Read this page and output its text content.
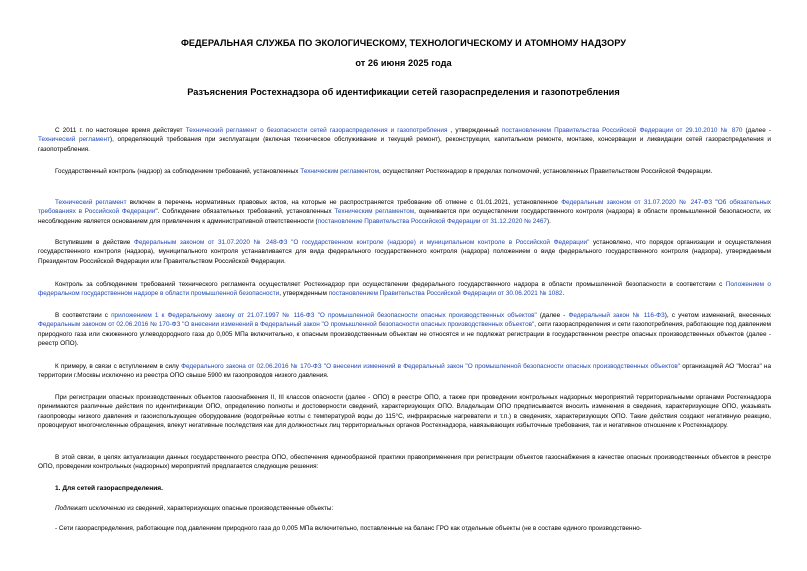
ФЕДЕРАЛЬНАЯ СЛУЖБА ПО ЭКОЛОГИЧЕСКОМУ, ТЕХНОЛОГИЧЕСКОМУ И АТОМНОМУ НАДЗОРУ
от 26 июня 2025 года
Разъяснения Ростехнадзора об идентификации сетей газораспределения и газопотребления

С 2011 г. по настоящее время действует Технический регламент о безопасности сетей газораспределения и газопотребления , утвержденный постановлением Правительства Российской Федерации от 29.10.2010 № 870 (далее - Технический регламент), определяющий требования при эксплуатации (включая техническое обслуживание и текущий ремонт), реконструкции, капитальном ремонте, монтаже, консервации и ликвидации сетей газораспределения и газопотребления.

Государственный контроль (надзор) за соблюдением требований, установленных Техническим регламентом, осуществляет Ростехнадзор в пределах полномочий, установленных Правительством Российской Федерации.

Технический регламент включен в перечень нормативных правовых актов, на которые не распространяется требование об отмене с 01.01.2021, установленное Федеральным законом от 31.07.2020 № 247-ФЗ "Об обязательных требованиях в Российской Федерации". Соблюдение обязательных требований, установленных Техническим регламентом, оценивается при осуществлении государственного контроля (надзора) в области промышленной безопасности, их несоблюдение является основанием для привлечения к административной ответственности (постановление Правительства Российской Федерации от 31.12.2020 № 2467).

Вступившим в действие Федеральным законом от 31.07.2020 № 248-ФЗ "О государственном контроле (надзоре) и муниципальном контроле в Российской Федерации" установлено, что порядок организации и осуществления государственного контроля (надзора), муниципального контроля устанавливается для вида федерального государственного контроля (надзора) положением о виде федерального государственного контроля (надзора), утверждаемым Президентом Российской Федерации или Правительством Российской Федерации.

Контроль за соблюдением требований технического регламента осуществляет Ростехнадзор при осуществлении федерального государственного надзора в области промышленной безопасности в соответствии с Положением о федеральном государственном надзоре в области промышленной безопасности, утвержденным постановлением Правительства Российской Федерации от 30.06.2021 № 1082.

В соответствии с приложением 1 к Федеральному закону от 21.07.1997 № 116-ФЗ "О промышленной безопасности опасных производственных объектов" (далее - Федеральный закон № 116-ФЗ), с учетом изменений, внесенных Федеральным законом от 02.06.2016 № 170-ФЗ "О внесении изменений в Федеральный закон "О промышленной безопасности опасных производственных объектов", сети газораспределения и сети газопотребления, работающие под давлением природного газа или сжиженного углеводородного газа до 0,005 МПа включительно, к опасным производственным объектам не относятся и не подлежат регистрации в государственном реестре опасных производственных объектов (далее - реестр ОПО).

К примеру, в связи с вступлением в силу Федерального закона от 02.06.2016 № 170-ФЗ "О внесении изменений в Федеральный закон "О промышленной безопасности опасных производственных объектов" организацией АО "Мосгаз" на территории г.Москвы исключено из реестра ОПО свыше 5900 км газопроводов низкого давления.

При регистрации опасных производственных объектов газоснабжения II, III классов опасности (далее - ОПО) в реестре ОПО, а также при проведении контрольных надзорных мероприятий территориальными органами Ростехнадзора принимаются различные действия по идентификации ОПО, определению полноты и достоверности сведений, характеризующих ОПО. Владельцам ОПО предписывается вносить изменения в сведения, характеризующие ОПО, указывать газопроводы низкого давления и газоиспользующее оборудование (водогрейные котлы с температурой воды до 115°С, инфракрасные нагреватели и т.п.) в сведениях, характеризующих ОПО. Такие действия создают негативную реакцию, провоцируют многочисленные обращения, влекут негативные последствия как для должностных лиц территориальных органов Ростехнадзора, навязывающих избыточные требования, так и негативное отношение к Ростехнадзору.

В этой связи, в целях актуализации данных государственного реестра ОПО, обеспечения единообразной практики правоприменения при регистрации объектов газоснабжения в качестве опасных производственных объектов в реестре ОПО, проведении контрольных (надзорных) мероприятий предлагается следующие решения:

1. Для сетей газораспределения.

Подлежат исключению из сведений, характеризующих опасные производственные объекты:

- Сети газораспределения, работающие под давлением природного газа до 0,005 МПа включительно, поставленные на баланс ГРО как отдельные объекты (не в составе единого производственно-
